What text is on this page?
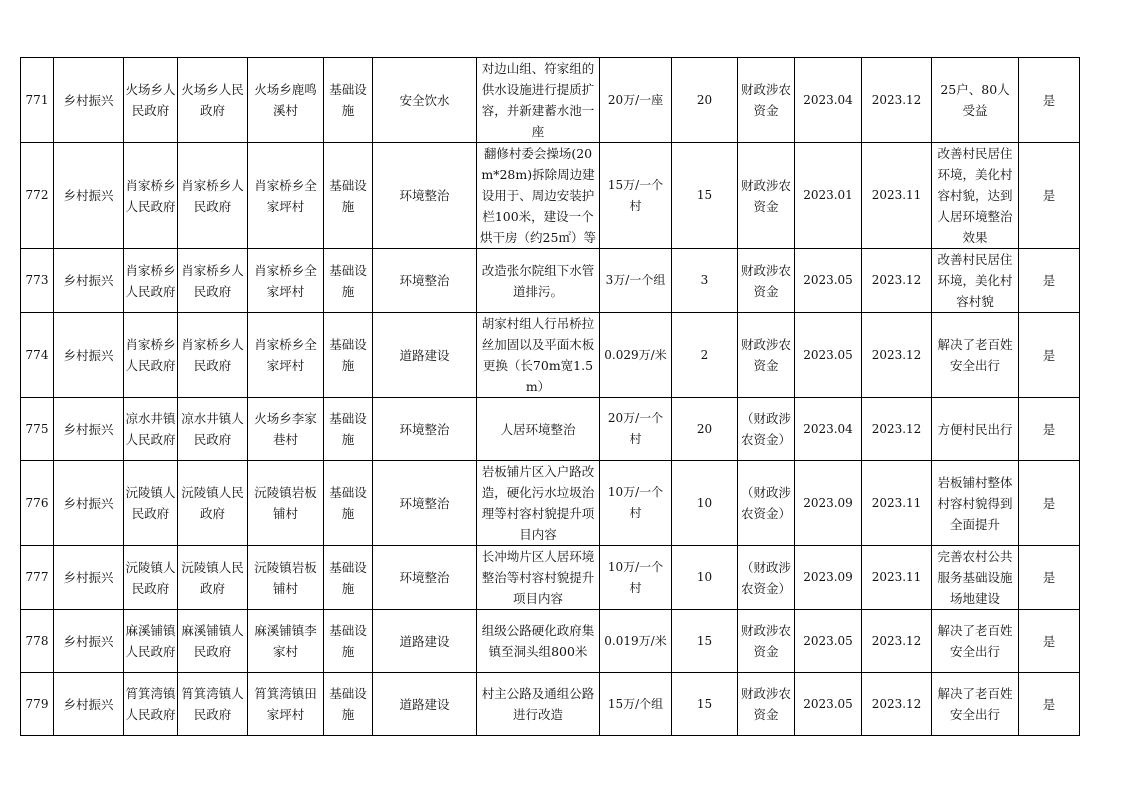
771	乡村振兴	火场乡人民政府	火场乡人民政府	火场乡鹿鸣溪村	基础设施	安全饮水	对边山组、符家组的供水设施进行提质扩容，并新建蓄水池一座	20万/一座	20	财政涉农资金	2023.04	2023.12	25户、80人受益	是
772	乡村振兴	肖家桥乡人民政府	肖家桥乡人民政府	肖家桥乡全家坪村	基础设施	环境整治	翻修村委会操场(20m*28m)拆除周边建设用于、周边安装护栏100米，建设一个烘干房（约25㎡）等	15万/一个村	15	财政涉农资金	2023.01	2023.11	改善村民居住环境，美化村容村貌，达到人居环境整治效果	是
773	乡村振兴	肖家桥乡人民政府	肖家桥乡人民政府	肖家桥乡全家坪村	基础设施	环境整治	改造张尔院组下水管道排污。	3万/一个组	3	财政涉农资金	2023.05	2023.12	改善村民居住环境，美化村容村貌	是
774	乡村振兴	肖家桥乡人民政府	肖家桥乡人民政府	肖家桥乡全家坪村	基础设施	道路建设	胡家村组人行吊桥拉丝加固以及平面木板更换（长70m宽1.5m）	0.029万/米	2	财政涉农资金	2023.05	2023.12	解决了老百姓安全出行	是
775	乡村振兴	凉水井镇人民政府	凉水井镇人民政府	火场乡李家巷村	基础设施	环境整治	人居环境整治	20万/一个村	20	（财政涉农资金）	2023.04	2023.12	方便村民出行	是
776	乡村振兴	沅陵镇人民政府	沅陵镇人民政府	沅陵镇岩板铺村	基础设施	环境整治	岩板铺片区入户路改造，硬化污水垃圾治理等村容村貌提升项目内容	10万/一个村	10	（财政涉农资金）	2023.09	2023.11	岩板铺村整体村容村貌得到全面提升	是
777	乡村振兴	沅陵镇人民政府	沅陵镇人民政府	沅陵镇岩板铺村	基础设施	环境整治	长冲坳片区人居环境整治等村容村貌提升项目内容	10万/一个村	10	（财政涉农资金）	2023.09	2023.11	完善农村公共服务基础设施场地建设	是
778	乡村振兴	麻溪铺镇人民政府	麻溪铺镇人民政府	麻溪铺镇李家村	基础设施	道路建设	组级公路硬化政府集镇至洞头组800米	0.019万/米	15	财政涉农资金	2023.05	2023.12	解决了老百姓安全出行	是
779	乡村振兴	筲箕湾镇人民政府	筲箕湾镇人民政府	筲箕湾镇田家坪村	基础设施	道路建设	村主公路及通组公路进行改造	15万/个组	15	财政涉农资金	2023.05	2023.12	解决了老百姓安全出行	是
